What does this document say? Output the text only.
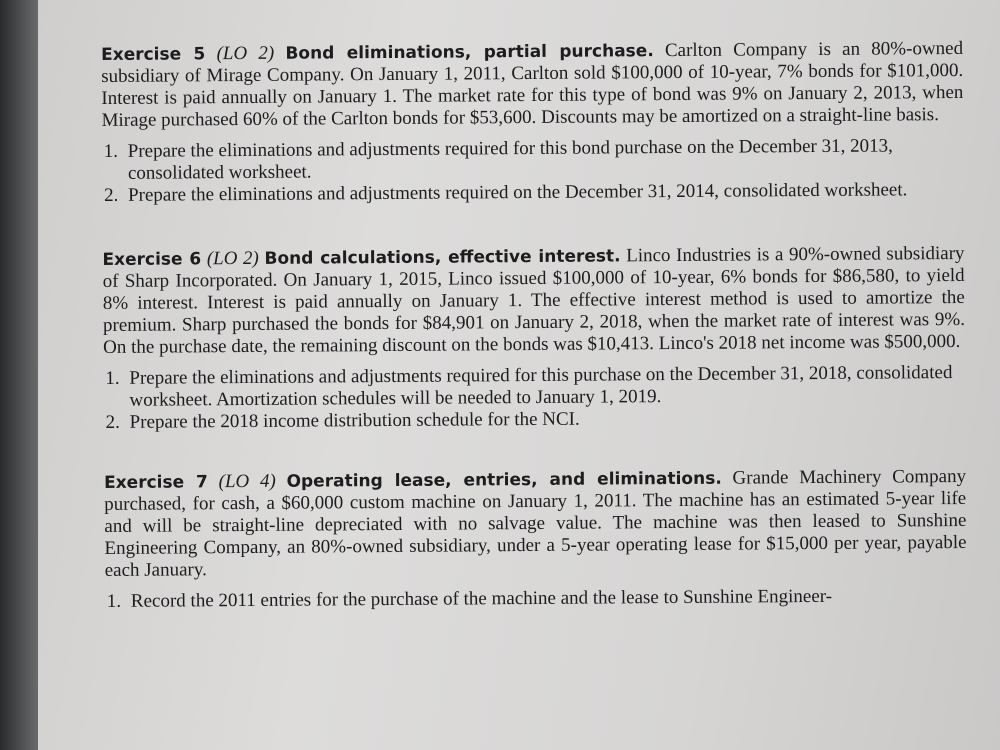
Exercise 5 (LO 2) Bond eliminations, partial purchase. Carlton Company is an 80%-owned subsidiary of Mirage Company. On January 1, 2011, Carlton sold $100,000 of 10-year, 7% bonds for $101,000. Interest is paid annually on January 1. The market rate for this type of bond was 9% on January 2, 2013, when Mirage purchased 60% of the Carlton bonds for $53,600. Discounts may be amortized on a straight-line basis.

1. Prepare the eliminations and adjustments required for this bond purchase on the December 31, 2013, consolidated worksheet.
2. Prepare the eliminations and adjustments required on the December 31, 2014, consolidated worksheet.

Exercise 6 (LO 2) Bond calculations, effective interest. Linco Industries is a 90%-owned subsidiary of Sharp Incorporated. On January 1, 2015, Linco issued $100,000 of 10-year, 6% bonds for $86,580, to yield 8% interest. Interest is paid annually on January 1. The effective interest method is used to amortize the premium. Sharp purchased the bonds for $84,901 on January 2, 2018, when the market rate of interest was 9%. On the purchase date, the remaining discount on the bonds was $10,413. Linco's 2018 net income was $500,000.

1. Prepare the eliminations and adjustments required for this purchase on the December 31, 2018, consolidated worksheet. Amortization schedules will be needed to January 1, 2019.
2. Prepare the 2018 income distribution schedule for the NCI.

Exercise 7 (LO 4) Operating lease, entries, and eliminations. Grande Machinery Company purchased, for cash, a $60,000 custom machine on January 1, 2011. The machine has an estimated 5-year life and will be straight-line depreciated with no salvage value. The machine was then leased to Sunshine Engineering Company, an 80%-owned subsidiary, under a 5-year operating lease for $15,000 per year, payable each January.

1. Record the 2011 entries for the purchase of the machine and the lease to Sunshine Engineer-
